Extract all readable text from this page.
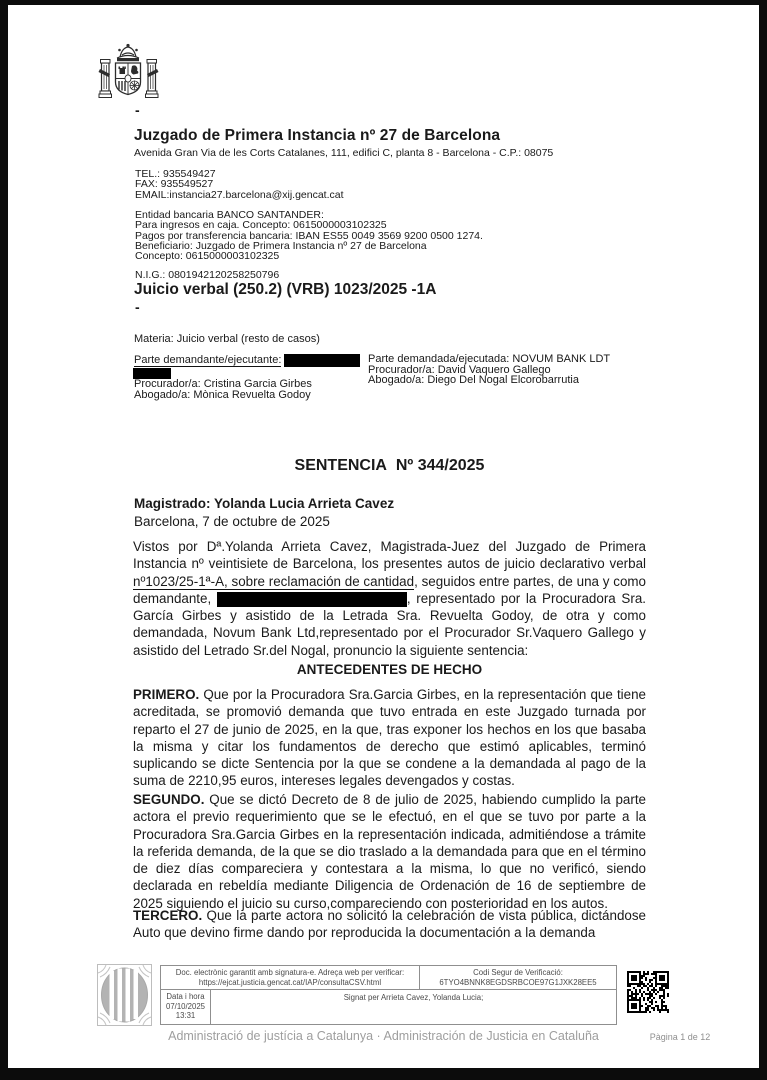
-
Juzgado de Primera Instancia nº 27 de Barcelona
Avenida Gran Via de les Corts Catalanes, 111, edifici C, planta 8 - Barcelona - C.P.: 08075

TEL.: 935549427

FAX: 935549527

EMAIL:instancia27.barcelona@xij.gencat.cat

Entidad bancaria BANCO SANTANDER:

Para ingresos en caja. Concepto: 0615000003102325

Pagos por transferencia bancaria: IBAN ES55 0049 3569 9200 0500 1274.

Beneficiario: Juzgado de Primera Instancia nº 27 de Barcelona

Concepto: 0615000003102325

N.I.G.: 0801942120258250796
Juicio verbal (250.2) (VRB) 1023/2025 -1A
-
Materia: Juicio verbal (resto de casos)

Parte demandante/ejecutante:

Procurador/a: Cristina Garcia Girbes

Abogado/a: Mònica Revuelta Godoy

Parte demandada/ejecutada: NOVUM BANK LDT

Procurador/a: David Vaquero Gallego

Abogado/a: Diego Del Nogal Elcorobarrutia

SENTENCIA  Nº 344/2025
Magistrado: Yolanda Lucia Arrieta Cavez
Barcelona, 7 de octubre de 2025

Vistos por Dª.Yolanda Arrieta Cavez, Magistrada-Juez del Juzgado de Primera Instancia nº veintisiete de Barcelona, los presentes autos de juicio declarativo verbal nº1023/25-1ª-A, sobre reclamación de cantidad, seguidos entre partes, de una y como demandante,	, representado por la Procuradora Sra. García Girbes y asistido de la Letrada Sra. Revuelta Godoy, de otra y como demandada, Novum Bank Ltd,representado por el Procurador Sr.Vaquero Gallego y asistido del Letrado Sr.del Nogal, pronuncio la siguiente sentencia:

ANTECEDENTES DE HECHO

PRIMERO. Que por la Procuradora Sra.Garcia Girbes, en la representación que tiene acreditada, se promovió demanda que tuvo entrada en este Juzgado turnada por reparto el 27 de junio de 2025, en la que, tras exponer los hechos en los que basaba la misma y citar los fundamentos de derecho que estimó aplicables, terminó suplicando se dicte Sentencia por la que se condene a la demandada al pago de la suma de 2210,95 euros, intereses legales devengados y costas.

SEGUNDO. Que se dictó Decreto de 8 de julio de 2025, habiendo cumplido la parte actora el previo requerimiento que se le efectuó, en el que se tuvo por parte a la Procuradora Sra.Garcia Girbes en la representación indicada, admitiéndose a trámite la referida demanda, de la que se dio traslado a la demandada para que en el término de diez días compareciera y contestara a la misma, lo que no verificó, siendo declarada en rebeldía mediante Diligencia de Ordenación de 16 de septiembre de 2025 siguiendo el juicio su curso,compareciendo con posterioridad en los autos.

TERCERO. Que la parte actora no solicitó la celebración de vista pública, dictándose Auto que devino firme dando por reproducida la documentación a la demanda

Doc. electrònic garantit amb signatura-e. Adreça web per verificar:
https://ejcat.justicia.gencat.cat/IAP/consultaCSV.html
Codi Segur de Verificació:
6TYO4BNNK8EGDSRBCOE97G1JXK28EE5
Data i hora
07/10/2025
13:31
Signat per Arrieta Cavez, Yolanda Lucia;
Administració de justícia a Catalunya · Administración de Justicia en Cataluña	Pàgina 1 de 12
